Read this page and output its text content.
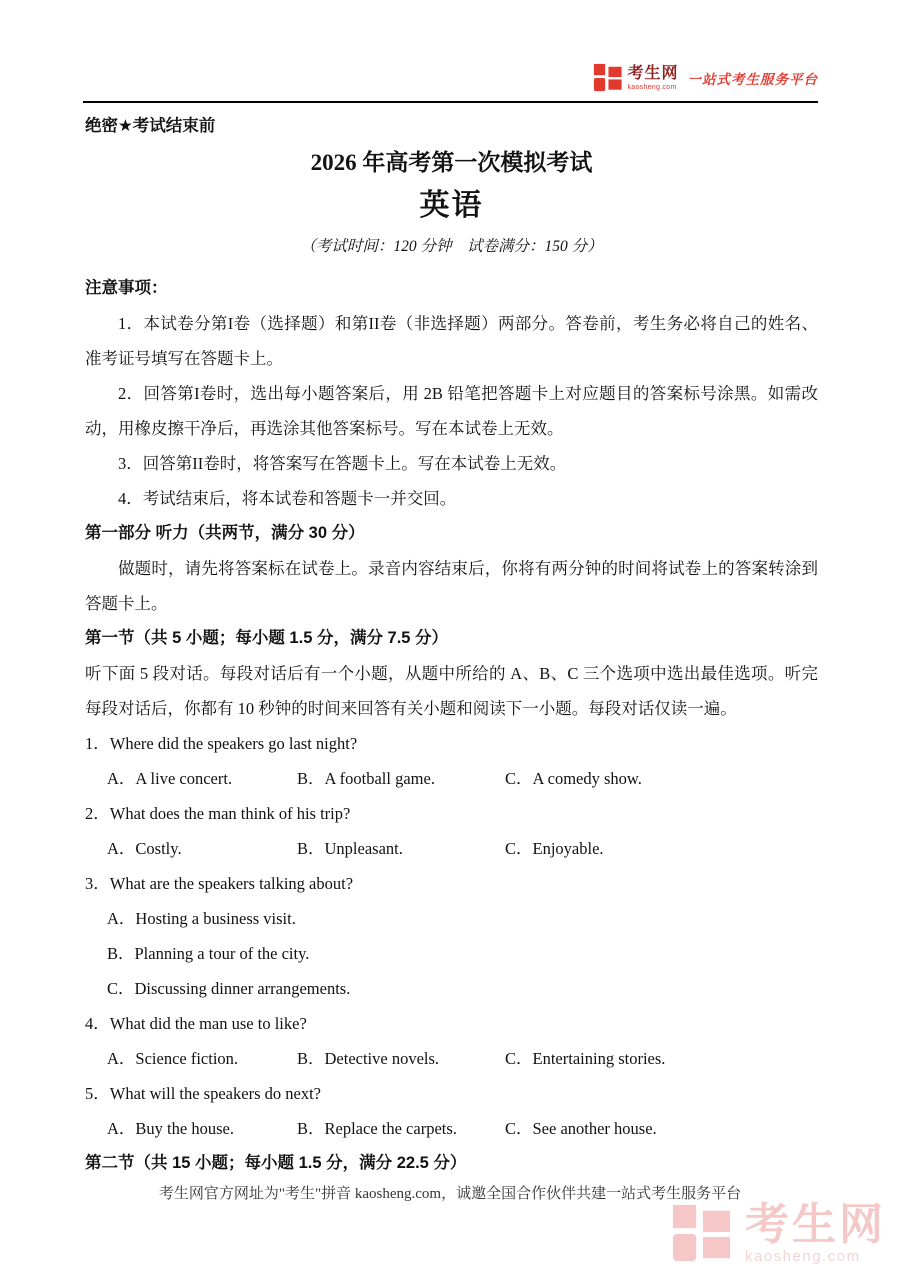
考生网
kaosheng.com 一站式考生服务平台
绝密★考试结束前
2026 年高考第一次模拟考试
英语
（考试时间：120 分钟　试卷满分：150 分）
注意事项：

1．本试卷分第I卷（选择题）和第II卷（非选择题）两部分。答卷前，考生务必将自己的姓名、准考证号填写在答题卡上。

2．回答第I卷时，选出每小题答案后，用 2B 铅笔把答题卡上对应题目的答案标号涂黑。如需改动，用橡皮擦干净后，再选涂其他答案标号。写在本试卷上无效。

3．回答第II卷时，将答案写在答题卡上。写在本试卷上无效。

4．考试结束后，将本试卷和答题卡一并交回。

第一部分 听力（共两节，满分 30 分）

做题时，请先将答案标在试卷上。录音内容结束后，你将有两分钟的时间将试卷上的答案转涂到答题卡上。

第一节（共 5 小题；每小题 1.5 分，满分 7.5 分）

听下面 5 段对话。每段对话后有一个小题，从题中所给的 A、B、C 三个选项中选出最佳选项。听完每段对话后，你都有 10 秒钟的时间来回答有关小题和阅读下一小题。每段对话仅读一遍。

1．Where did the speakers go last night?
A．A live concert.	B．A football game.	C．A comedy show.
2．What does the man think of his trip?
A．Costly.	B．Unpleasant.	C．Enjoyable.
3．What are the speakers talking about?
A．Hosting a business visit.
B．Planning a tour of the city.
C．Discussing dinner arrangements.
4．What did the man use to like?
A．Science fiction.	B．Detective novels.	C．Entertaining stories.
5．What will the speakers do next?
A．Buy the house.	B．Replace the carpets.	C．See another house.
第二节（共 15 小题；每小题 1.5 分，满分 22.5 分）
考生网官方网址为"考生"拼音 kaosheng.com，诚邀全国合作伙伴共建一站式考生服务平台
考生网
kaosheng.com
